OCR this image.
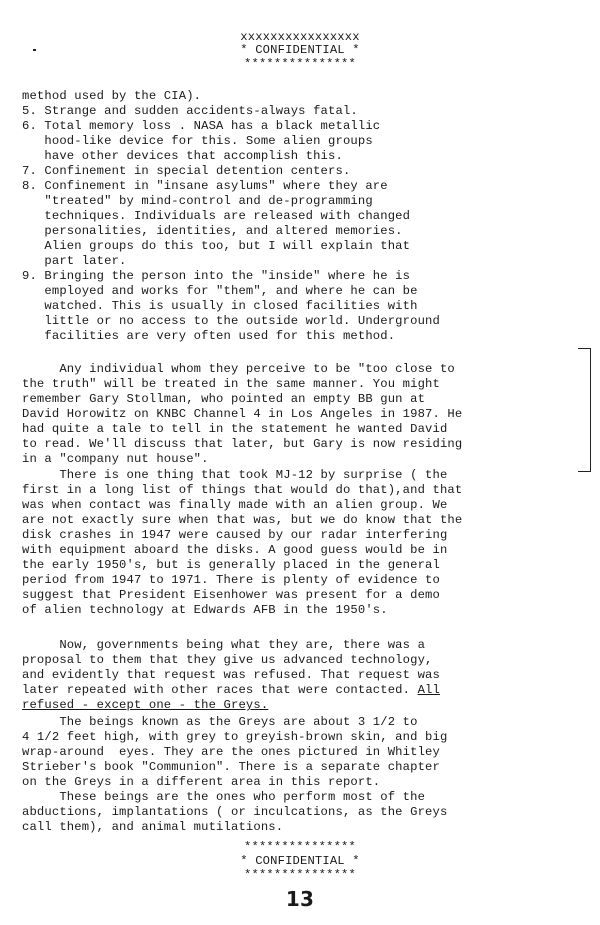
xxxxxxxxxxxxxxxx
* CONFIDENTIAL *
***************
method used by the CIA).
5. Strange and sudden accidents-always fatal.
6. Total memory loss . NASA has a black metallic
hood-like device for this. Some alien groups
have other devices that accomplish this.
7. Confinement in special detention centers.
8. Confinement in "insane asylums" where they are
"treated" by mind-control and de-programming
techniques. Individuals are released with changed
personalities, identities, and altered memories.
Alien groups do this too, but I will explain that
part later.
9. Bringing the person into the "inside" where he is
employed and works for "them", and where he can be
watched. This is usually in closed facilities with
little or no access to the outside world. Underground
facilities are very often used for this method.
Any individual whom they perceive to be "too close to
the truth" will be treated in the same manner. You might
remember Gary Stollman, who pointed an empty BB gun at
David Horowitz on KNBC Channel 4 in Los Angeles in 1987. He
had quite a tale to tell in the statement he wanted David
to read. We'll discuss that later, but Gary is now residing
in a "company nut house".
There is one thing that took MJ-12 by surprise ( the
first in a long list of things that would do that),and that
was when contact was finally made with an alien group. We
are not exactly sure when that was, but we do know that the
disk crashes in 1947 were caused by our radar interfering
with equipment aboard the disks. A good guess would be in
the early 1950's, but is generally placed in the general
period from 1947 to 1971. There is plenty of evidence to
suggest that President Eisenhower was present for a demo
of alien technology at Edwards AFB in the 1950's.
Now, governments being what they are, there was a
proposal to them that they give us advanced technology,
and evidently that request was refused. That request was
later repeated with other races that were contacted. All
refused - except one - the Greys.
The beings known as the Greys are about 3 1/2 to
4 1/2 feet high, with grey to greyish-brown skin, and big
wrap-around  eyes. They are the ones pictured in Whitley
Strieber's book "Communion". There is a separate chapter
on the Greys in a different area in this report.
These beings are the ones who perform most of the
abductions, implantations ( or inculcations, as the Greys
call them), and animal mutilations.
***************
* CONFIDENTIAL *
***************
13
